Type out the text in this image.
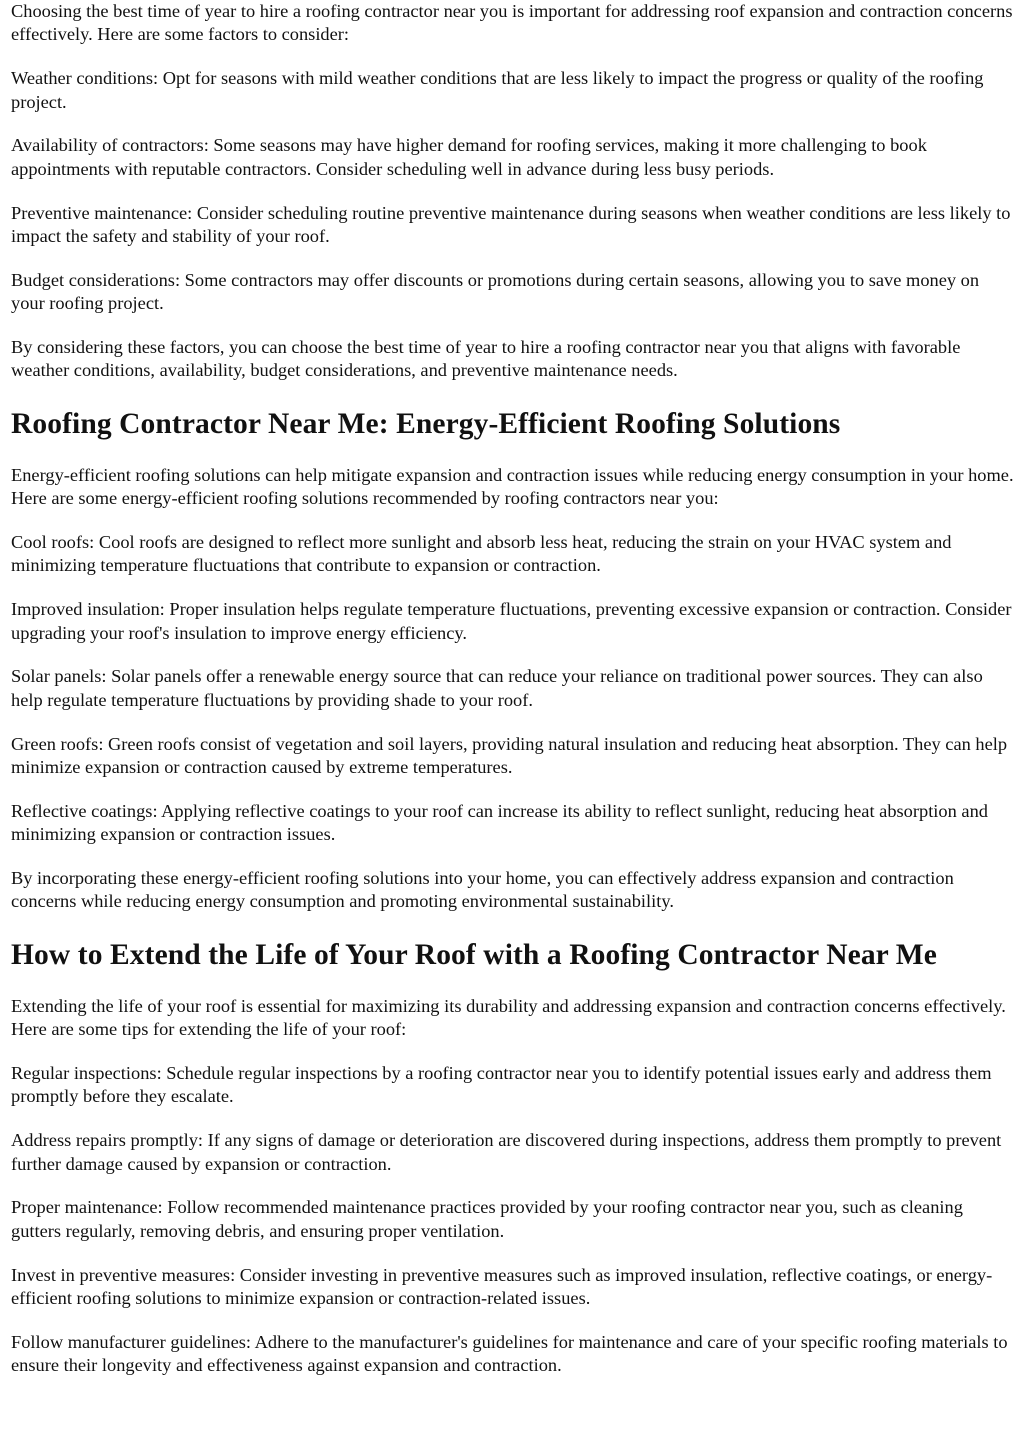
Choosing the best time of year to hire a roofing contractor near you is important for addressing roof expansion and contraction concerns effectively. Here are some factors to consider:

Weather conditions: Opt for seasons with mild weather conditions that are less likely to impact the progress or quality of the roofing project.

Availability of contractors: Some seasons may have higher demand for roofing services, making it more challenging to book appointments with reputable contractors. Consider scheduling well in advance during less busy periods.

Preventive maintenance: Consider scheduling routine preventive maintenance during seasons when weather conditions are less likely to impact the safety and stability of your roof.

Budget considerations: Some contractors may offer discounts or promotions during certain seasons, allowing you to save money on your roofing project.

By considering these factors, you can choose the best time of year to hire a roofing contractor near you that aligns with favorable weather conditions, availability, budget considerations, and preventive maintenance needs.

Roofing Contractor Near Me: Energy-Efficient Roofing Solutions

Energy-efficient roofing solutions can help mitigate expansion and contraction issues while reducing energy consumption in your home. Here are some energy-efficient roofing solutions recommended by roofing contractors near you:

Cool roofs: Cool roofs are designed to reflect more sunlight and absorb less heat, reducing the strain on your HVAC system and minimizing temperature fluctuations that contribute to expansion or contraction.

Improved insulation: Proper insulation helps regulate temperature fluctuations, preventing excessive expansion or contraction. Consider upgrading your roof's insulation to improve energy efficiency.

Solar panels: Solar panels offer a renewable energy source that can reduce your reliance on traditional power sources. They can also help regulate temperature fluctuations by providing shade to your roof.

Green roofs: Green roofs consist of vegetation and soil layers, providing natural insulation and reducing heat absorption. They can help minimize expansion or contraction caused by extreme temperatures.

Reflective coatings: Applying reflective coatings to your roof can increase its ability to reflect sunlight, reducing heat absorption and minimizing expansion or contraction issues.

By incorporating these energy-efficient roofing solutions into your home, you can effectively address expansion and contraction concerns while reducing energy consumption and promoting environmental sustainability.

How to Extend the Life of Your Roof with a Roofing Contractor Near Me

Extending the life of your roof is essential for maximizing its durability and addressing expansion and contraction concerns effectively. Here are some tips for extending the life of your roof:

Regular inspections: Schedule regular inspections by a roofing contractor near you to identify potential issues early and address them promptly before they escalate.

Address repairs promptly: If any signs of damage or deterioration are discovered during inspections, address them promptly to prevent further damage caused by expansion or contraction.

Proper maintenance: Follow recommended maintenance practices provided by your roofing contractor near you, such as cleaning gutters regularly, removing debris, and ensuring proper ventilation.

Invest in preventive measures: Consider investing in preventive measures such as improved insulation, reflective coatings, or energy-efficient roofing solutions to minimize expansion or contraction-related issues.

Follow manufacturer guidelines: Adhere to the manufacturer's guidelines for maintenance and care of your specific roofing materials to ensure their longevity and effectiveness against expansion and contraction.
